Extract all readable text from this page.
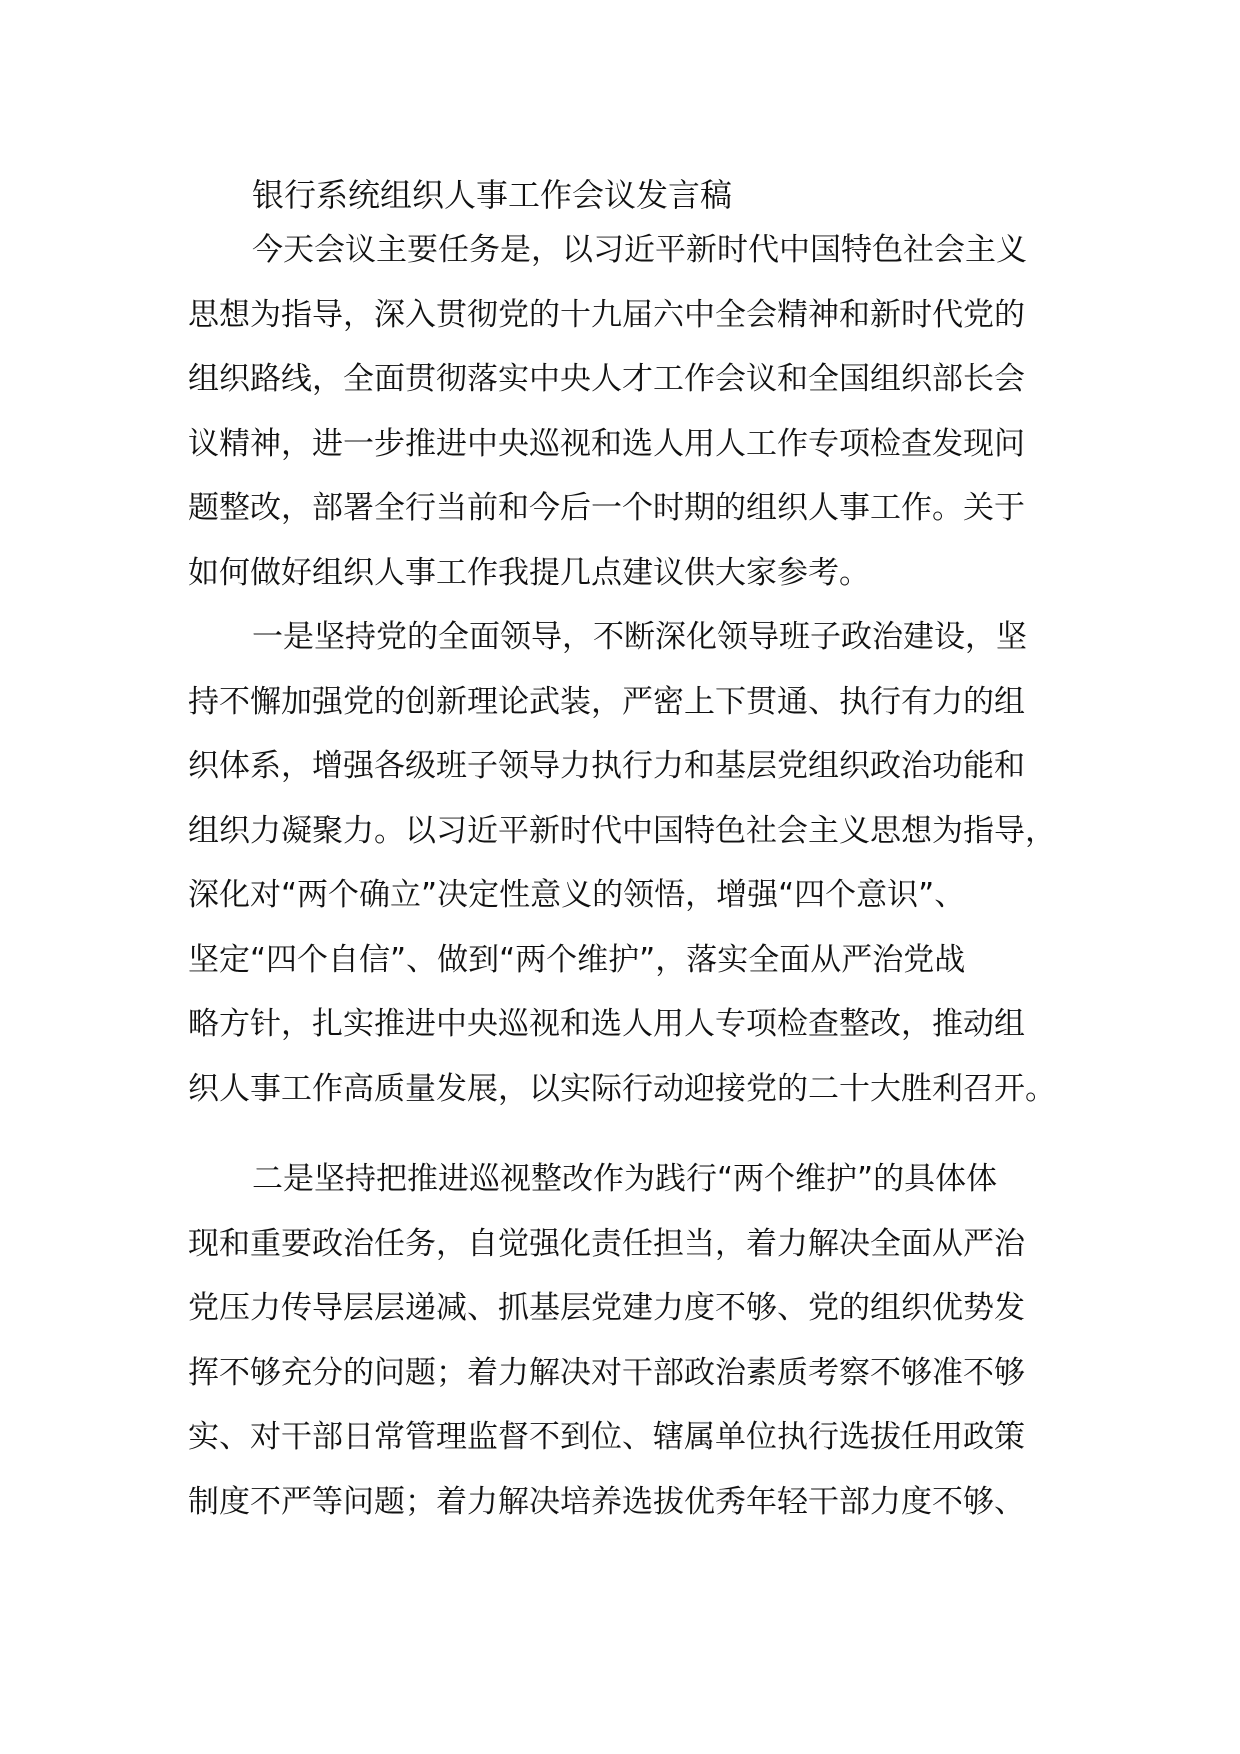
银行系统组织人事工作会议发言稿
今天会议主要任务是，以习近平新时代中国特色社会主义
思想为指导，深入贯彻党的十九届六中全会精神和新时代党的
组织路线，全面贯彻落实中央人才工作会议和全国组织部长会
议精神，进一步推进中央巡视和选人用人工作专项检查发现问
题整改，部署全行当前和今后一个时期的组织人事工作。关于
如何做好组织人事工作我提几点建议供大家参考。
一是坚持党的全面领导，不断深化领导班子政治建设，坚
持不懈加强党的创新理论武装，严密上下贯通、执行有力的组
织体系，增强各级班子领导力执行力和基层党组织政治功能和
组织力凝聚力。以习近平新时代中国特色社会主义思想为指导，
深化对“两个确立”决定性意义的领悟，增强“四个意识”、
坚定“四个自信”、做到“两个维护”，落实全面从严治党战
略方针，扎实推进中央巡视和选人用人专项检查整改，推动组
织人事工作高质量发展，以实际行动迎接党的二十大胜利召开。
二是坚持把推进巡视整改作为践行“两个维护”的具体体
现和重要政治任务，自觉强化责任担当，着力解决全面从严治
党压力传导层层递减、抓基层党建力度不够、党的组织优势发
挥不够充分的问题；着力解决对干部政治素质考察不够准不够
实、对干部日常管理监督不到位、辖属单位执行选拔任用政策
制度不严等问题；着力解决培养选拔优秀年轻干部力度不够、
